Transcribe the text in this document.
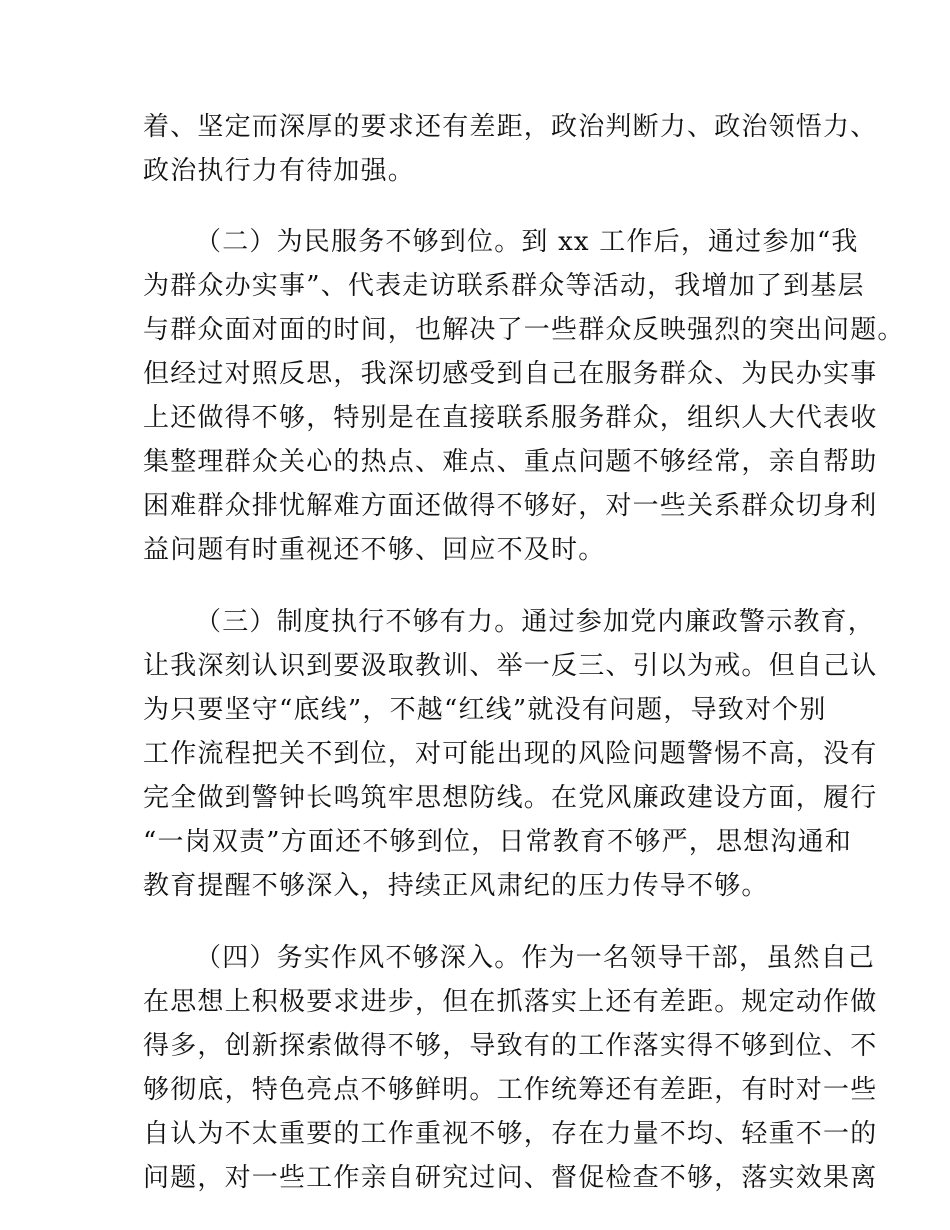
着、坚定而深厚的要求还有差距，政治判断力、政治领悟力、
政治执行力有待加强。
（二）为民服务不够到位。到 xx 工作后，通过参加“我
为群众办实事”、代表走访联系群众等活动，我增加了到基层
与群众面对面的时间，也解决了一些群众反映强烈的突出问题。
但经过对照反思，我深切感受到自己在服务群众、为民办实事
上还做得不够，特别是在直接联系服务群众，组织人大代表收
集整理群众关心的热点、难点、重点问题不够经常，亲自帮助
困难群众排忧解难方面还做得不够好，对一些关系群众切身利
益问题有时重视还不够、回应不及时。
（三）制度执行不够有力。通过参加党内廉政警示教育，
让我深刻认识到要汲取教训、举一反三、引以为戒。但自己认
为只要坚守“底线”，不越“红线”就没有问题，导致对个别
工作流程把关不到位，对可能出现的风险问题警惕不高，没有
完全做到警钟长鸣筑牢思想防线。在党风廉政建设方面，履行
“一岗双责”方面还不够到位，日常教育不够严，思想沟通和
教育提醒不够深入，持续正风肃纪的压力传导不够。
（四）务实作风不够深入。作为一名领导干部，虽然自己
在思想上积极要求进步，但在抓落实上还有差距。规定动作做
得多，创新探索做得不够，导致有的工作落实得不够到位、不
够彻底，特色亮点不够鲜明。工作统筹还有差距，有时对一些
自认为不太重要的工作重视不够，存在力量不均、轻重不一的
问题，对一些工作亲自研究过问、督促检查不够，落实效果离
